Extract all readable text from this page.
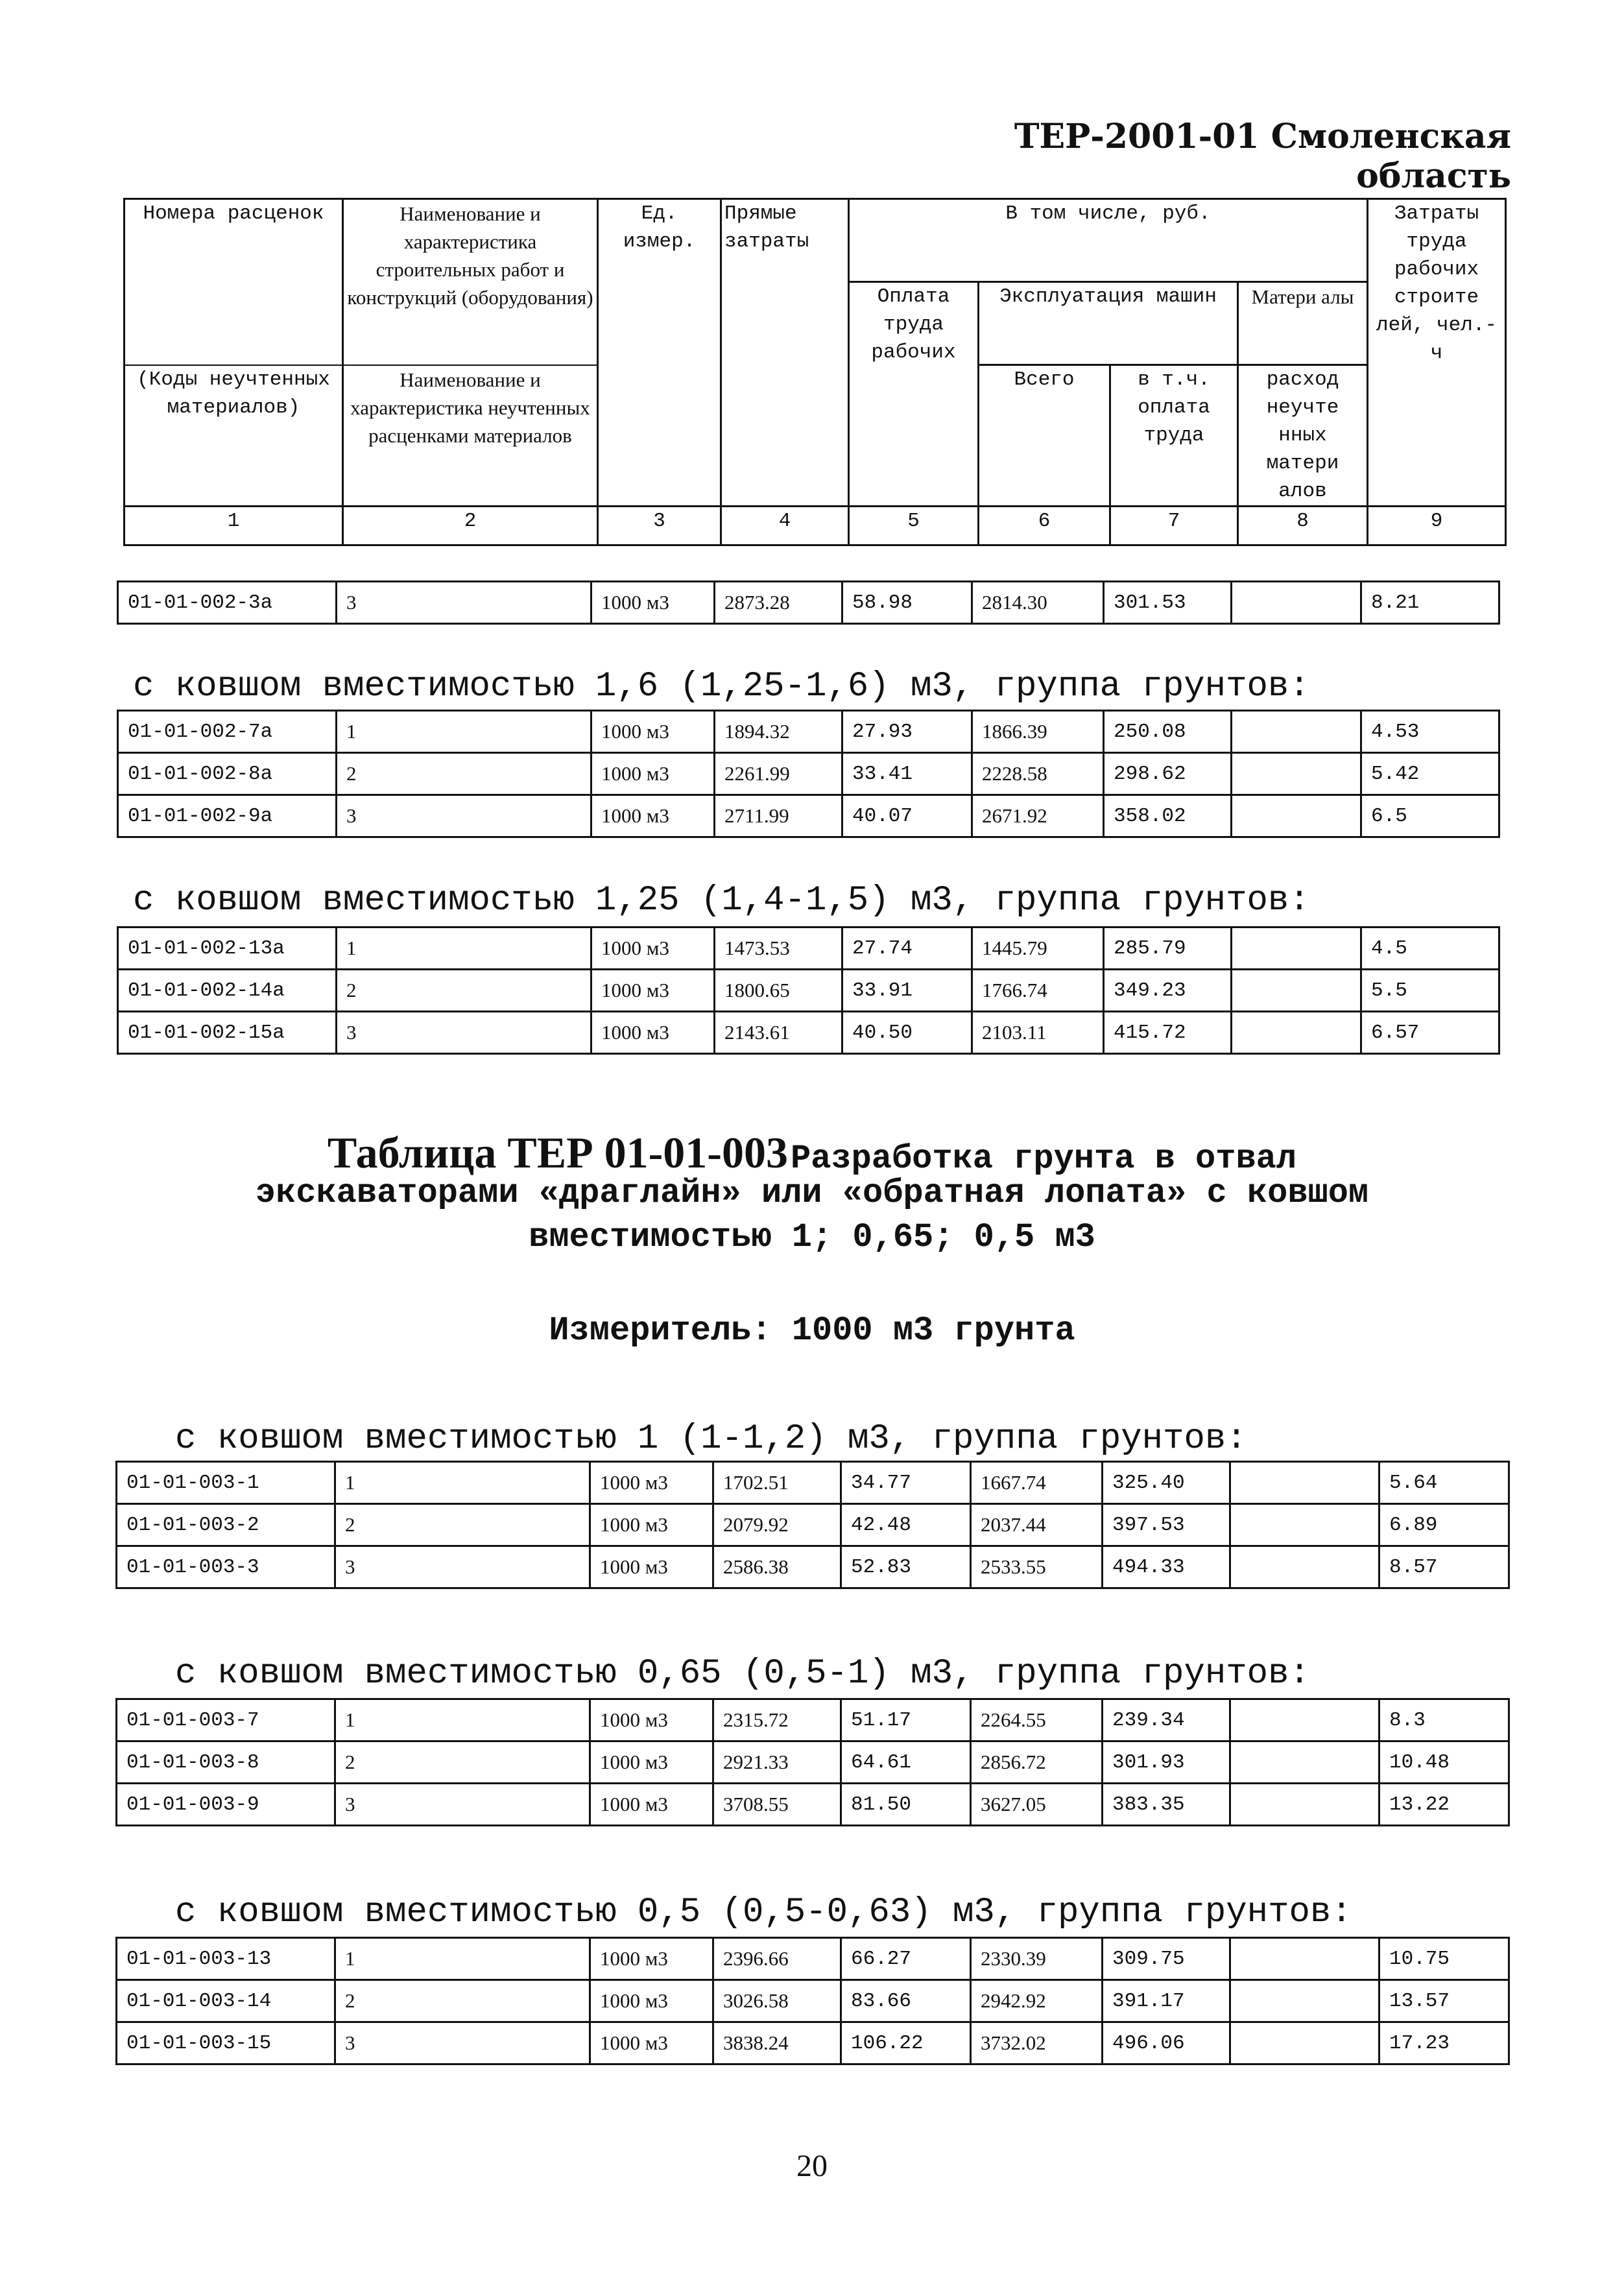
ТЕР-2001-01 Смоленская область
Номера расценок	Наименование и характеристика строительных работ и конструкций (оборудования)	Ед. измер.	Прямые затраты	В том числе, руб.				Затраты труда рабочих строите лей, чел.-ч
				Оплата труда рабочих	Эксплуатация машин		Матери алы	
(Коды неучтенных материалов)	Наименование и характеристика неучтенных расценками материалов				Всего	в т.ч. оплата труда	расход неучте нных матери алов	

1	2	3	4	5	6	7	8	9
с ковшом вместимостью 1,6 (1,25-1,6) м3, группа грунтов:
с ковшом вместимостью 1,25 (1,4-1,5) м3, группа грунтов:
Таблица ТЕР 01-01-003 Разработка грунта в отвал
экскаваторами «драглайн» или «обратная лопата» с ковшом
вместимостью 1; 0,65; 0,5 м3
Измеритель: 1000 м3 грунта
с ковшом вместимостью 1 (1-1,2) м3, группа грунтов:
с ковшом вместимостью 0,65 (0,5-1) м3, группа грунтов:
с ковшом вместимостью 0,5 (0,5-0,63) м3, группа грунтов:
20
01-01-002-3а	3	1000 м3	2873.28	58.98	2814.30	301.53		8.21
01-01-002-7а	1	1000 м3	1894.32	27.93	1866.39	250.08		4.53
01-01-002-8а	2	1000 м3	2261.99	33.41	2228.58	298.62		5.42
01-01-002-9а	3	1000 м3	2711.99	40.07	2671.92	358.02		6.5
01-01-002-13а	1	1000 м3	1473.53	27.74	1445.79	285.79		4.5
01-01-002-14а	2	1000 м3	1800.65	33.91	1766.74	349.23		5.5
01-01-002-15а	3	1000 м3	2143.61	40.50	2103.11	415.72		6.57
01-01-003-1	1	1000 м3	1702.51	34.77	1667.74	325.40		5.64
01-01-003-2	2	1000 м3	2079.92	42.48	2037.44	397.53		6.89
01-01-003-3	3	1000 м3	2586.38	52.83	2533.55	494.33		8.57
01-01-003-7	1	1000 м3	2315.72	51.17	2264.55	239.34		8.3
01-01-003-8	2	1000 м3	2921.33	64.61	2856.72	301.93		10.48
01-01-003-9	3	1000 м3	3708.55	81.50	3627.05	383.35		13.22
01-01-003-13	1	1000 м3	2396.66	66.27	2330.39	309.75		10.75
01-01-003-14	2	1000 м3	3026.58	83.66	2942.92	391.17		13.57
01-01-003-15	3	1000 м3	3838.24	106.22	3732.02	496.06		17.23
